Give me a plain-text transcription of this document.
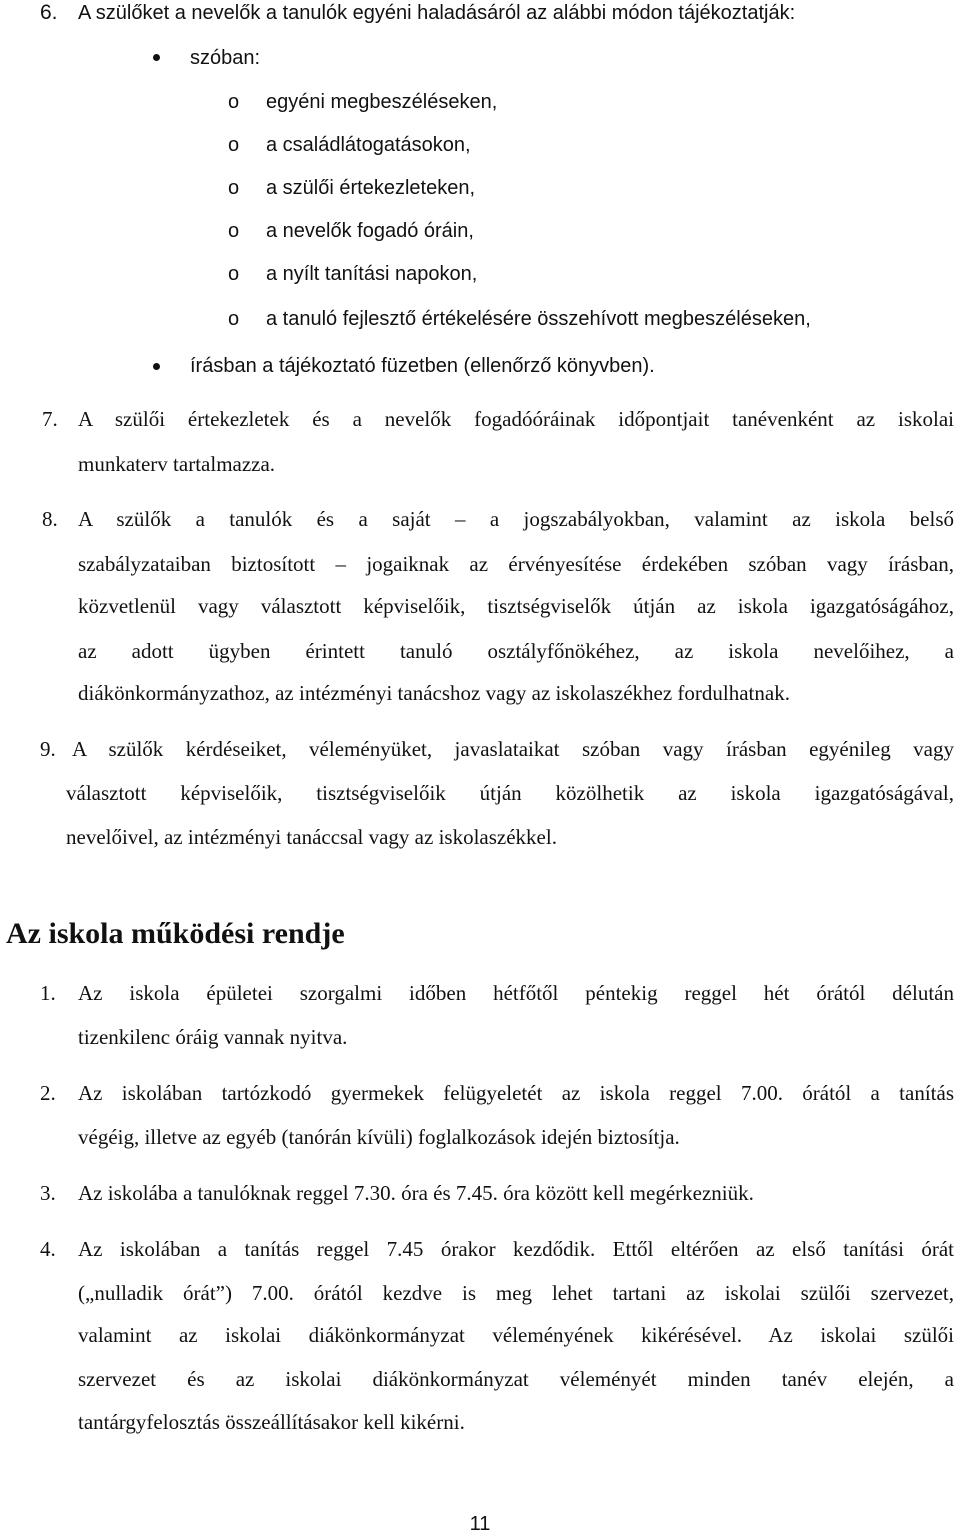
6. A szülőket a nevelők a tanulók egyéni haladásáról az alábbi módon tájékoztatják:
szóban:
o egyéni megbeszéléseken,
o a családlátogatásokon,
o a szülői értekezleteken,
o a nevelők fogadó óráin,
o a nyílt tanítási napokon,
o a tanuló fejlesztő értékelésére összehívott megbeszéléseken,
írásban a tájékoztató füzetben (ellenőrző könyvben).
7. A szülői értekezletek és a nevelők fogadóóráinak időpontjait tanévenként az iskolai
munkaterv tartalmazza.
8. A szülők a tanulók és a saját – a jogszabályokban, valamint az iskola belső
szabályzataiban biztosított – jogaiknak az érvényesítése érdekében szóban vagy írásban,
közvetlenül vagy választott képviselőik, tisztségviselők útján az iskola igazgatóságához,
az adott ügyben érintett tanuló osztályfőnökéhez, az iskola nevelőihez, a
diákönkormányzathoz, az intézményi tanácshoz vagy az iskolaszékhez fordulhatnak.
9. A szülők kérdéseiket, véleményüket, javaslataikat szóban vagy írásban egyénileg vagy
választott képviselőik, tisztségviselőik útján közölhetik az iskola igazgatóságával,
nevelőivel, az intézményi tanáccsal vagy az iskolaszékkel.
Az iskola működési rendje
1. Az iskola épületei szorgalmi időben hétfőtől péntekig reggel hét órától délután
tizenkilenc óráig vannak nyitva.
2. Az iskolában tartózkodó gyermekek felügyeletét az iskola reggel 7.00. órától a tanítás
végéig, illetve az egyéb (tanórán kívüli) foglalkozások idején biztosítja.
3. Az iskolába a tanulóknak reggel 7.30. óra és 7.45. óra között kell megérkezniük.
4. Az iskolában a tanítás reggel 7.45 órakor kezdődik. Ettől eltérően az első tanítási órát
(„nulladik órát”) 7.00. órától kezdve is meg lehet tartani az iskolai szülői szervezet,
valamint az iskolai diákönkormányzat véleményének kikérésével. Az iskolai szülői
szervezet és az iskolai diákönkormányzat véleményét minden tanév elején, a
tantárgyfelosztás összeállításakor kell kikérni.
11
